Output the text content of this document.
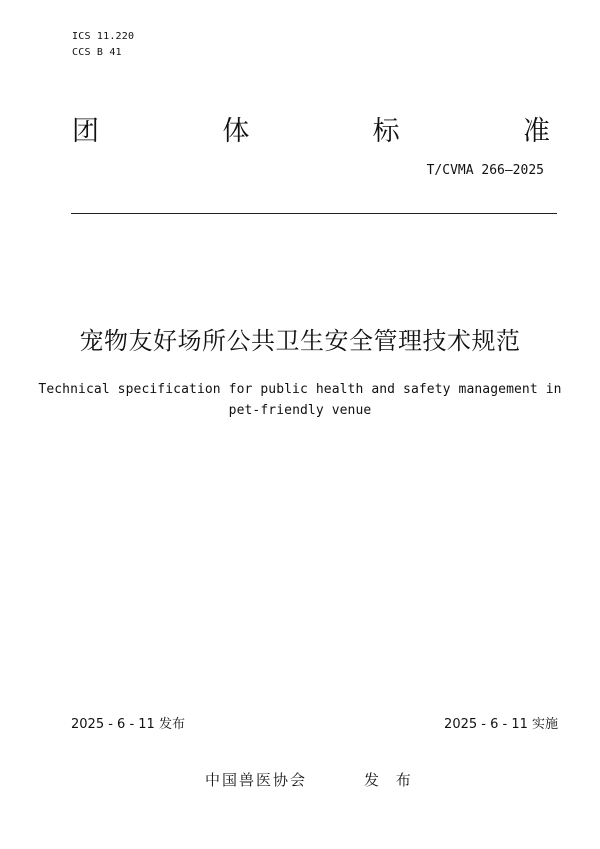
ICS 11.220
CCS B 41
团	体	标	准
T/CVMA 266—2025
宠物友好场所公共卫生安全管理技术规范
Technical specification for public health and safety management in
pet-friendly venue
2025 - 6 - 11 发布	2025 - 6 - 11 实施
中国兽医协会	发 布
